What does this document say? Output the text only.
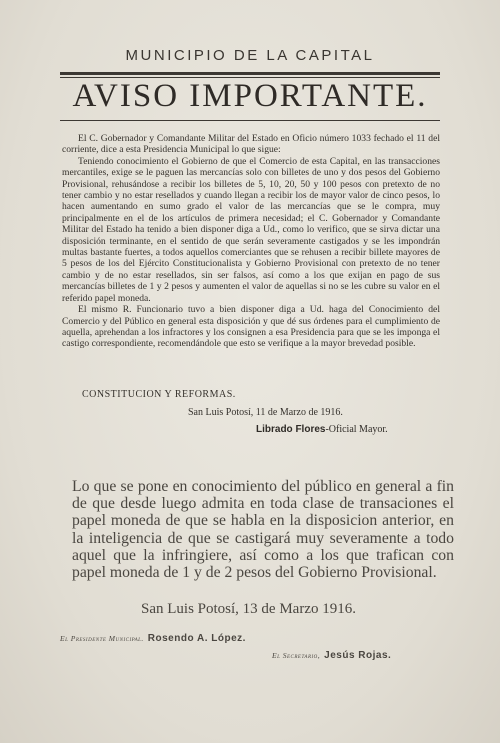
MUNICIPIO DE LA CAPITAL
AVISO IMPORTANTE.

El C. Gobernador y Comandante Militar del Estado en Oficio número 1033 fechado el 11 del corriente, dice a esta Presidencia Municipal lo que sigue:

Teniendo conocimiento el Gobierno de que el Comercio de esta Capital, en las transacciones mercantiles, exige se le paguen las mercancías solo con billetes de uno y dos pesos del Gobierno Provisional, rehusándose a recibir los billetes de 5, 10, 20, 50 y 100 pesos con pretexto de no tener cambio y no estar resellados y cuando llegan a recibir los de mayor valor de cinco pesos, lo hacen aumentando en sumo grado el valor de las mercancías que se le compra, muy principalmente en el de los artículos de primera necesidad; el C. Gobernador y Comandante Militar del Estado ha tenido a bien disponer diga a Ud., como lo verifico, que se sirva dictar una disposición terminante, en el sentido de que serán severamente castigados y se les impondrán multas bastante fuertes, a todos aquellos comerciantes que se rehusen a recibir billete mayores de 5 pesos de los del Ejército Constitucionalista y Gobierno Provisional con pretexto de no tener cambio y de no estar resellados, sin ser falsos, así como a los que exijan en pago de sus mercancías billetes de 1 y 2 pesos y aumenten el valor de aquellas si no se les cubre su valor en el referido papel moneda.

El mismo R. Funcionario tuvo a bien disponer diga a Ud. haga del Conocimiento del Comercio y del Público en general esta disposición y que dé sus órdenes para el cumplimiento de aquella, aprehendan a los infractores y los consignen a esa Presidencia para que se les imponga el castigo correspondiente, recomendándole que esto se verifique a la mayor brevedad posible.

CONSTITUCION Y REFORMAS.
San Luis Potosí, 11 de Marzo de 1916.
Librado Flores-Oficial Mayor.
Lo que se pone en conocimiento del público en general a fin de que desde luego admita en toda clase de transaciones el papel moneda de que se habla en la disposicion anterior, en la inteligencia de que se castigará muy severamente a todo aquel que la infringiere, así como a los que trafican con papel moneda de 1 y de 2 pesos del Gobierno Provisional.
San Luis Potosí, 13 de Marzo 1916.
El Presidente Municipal. Rosendo A. López.
El Secretario, Jesús Rojas.
